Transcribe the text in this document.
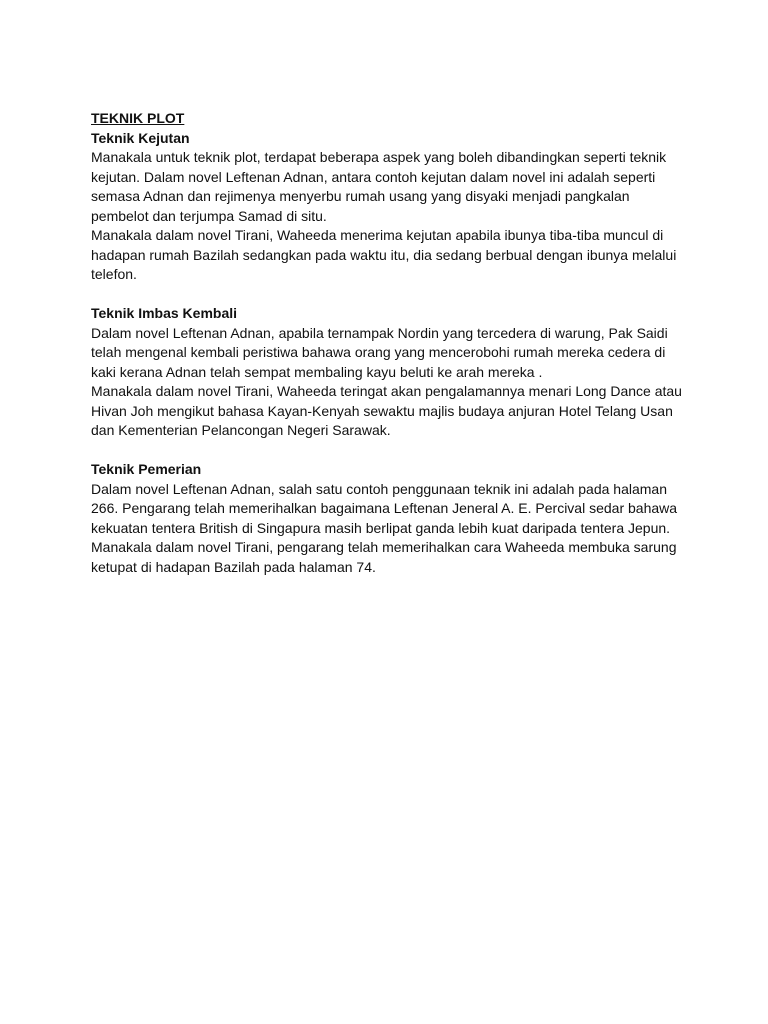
TEKNIK PLOT

Teknik Kejutan

Manakala untuk teknik plot, terdapat beberapa aspek yang boleh dibandingkan seperti teknik kejutan. Dalam novel Leftenan Adnan, antara contoh kejutan dalam novel ini adalah seperti semasa Adnan dan rejimenya menyerbu rumah usang yang disyaki menjadi pangkalan pembelot dan terjumpa Samad di situ.

Manakala dalam novel Tirani, Waheeda menerima kejutan apabila ibunya tiba-tiba muncul di hadapan rumah Bazilah sedangkan pada waktu itu, dia sedang berbual dengan ibunya melalui telefon.

Teknik Imbas Kembali

Dalam novel Leftenan Adnan, apabila ternampak Nordin yang tercedera di warung, Pak Saidi telah mengenal kembali peristiwa bahawa orang yang mencerobohi rumah mereka cedera di kaki kerana Adnan telah sempat membaling kayu beluti ke arah mereka .

Manakala dalam novel Tirani, Waheeda teringat akan pengalamannya menari Long Dance atau Hivan Joh mengikut bahasa Kayan-Kenyah sewaktu majlis budaya anjuran Hotel Telang Usan dan Kementerian Pelancongan Negeri Sarawak.

Teknik Pemerian

Dalam novel Leftenan Adnan, salah satu contoh penggunaan teknik ini adalah pada halaman 266. Pengarang telah memerihalkan bagaimana Leftenan Jeneral A. E. Percival sedar bahawa kekuatan tentera British di Singapura masih berlipat ganda lebih kuat daripada tentera Jepun.

Manakala dalam novel Tirani, pengarang telah memerihalkan cara Waheeda membuka sarung ketupat di hadapan Bazilah pada halaman 74.
